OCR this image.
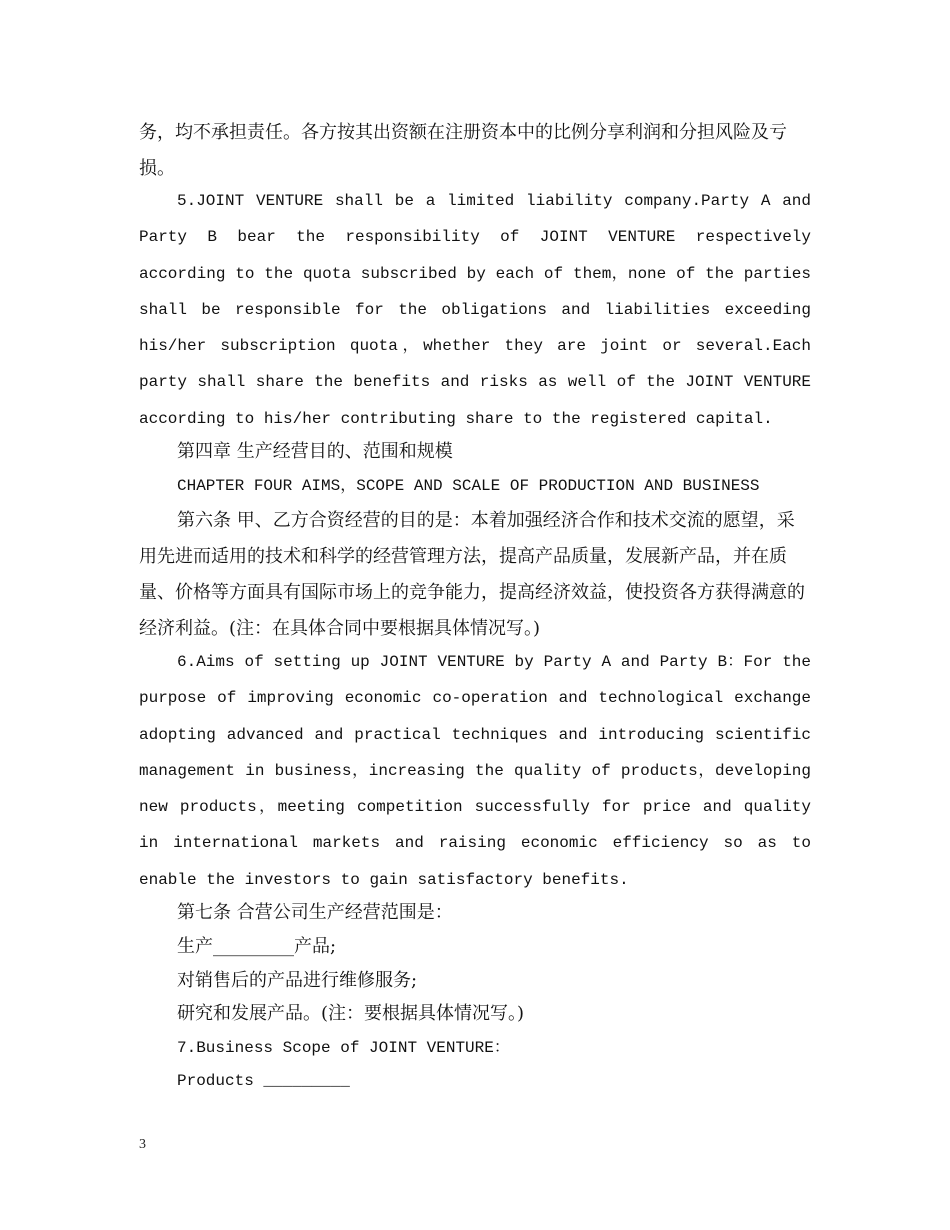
务，均不承担责任。各方按其出资额在注册资本中的比例分享利润和分担风险及亏损。

5.JOINT VENTURE shall be a limited liability company.Party A and Party B bear the responsibility of JOINT VENTURE respectively according to the quota subscribed by each of them，none of the parties shall be responsible for the obligations and liabilities exceeding his/her subscription quota，whether they are joint or several.Each party shall share the benefits and risks as well of the JOINT VENTURE according to his/her contributing share to the registered capital.

第四章 生产经营目的、范围和规模

CHAPTER FOUR AIMS，SCOPE AND SCALE OF PRODUCTION AND BUSINESS

第六条 甲、乙方合资经营的目的是：本着加强经济合作和技术交流的愿望，采用先进而适用的技术和科学的经营管理方法，提高产品质量，发展新产品，并在质量、价格等方面具有国际市场上的竞争能力，提高经济效益，使投资各方获得满意的经济利益。(注：在具体合同中要根据具体情况写。)

6.Aims of setting up JOINT VENTURE by Party A and Party B：For the purpose of improving economic co-operation and technological exchange adopting advanced and practical techniques and introducing scientific management in business，increasing the quality of products，developing new products，meeting competition successfully for price and quality in international markets and raising economic efficiency so as to enable the investors to gain satisfactory benefits.

第七条 合营公司生产经营范围是：

生产_________产品;

对销售后的产品进行维修服务;

研究和发展产品。(注：要根据具体情况写。)

7.Business Scope of JOINT VENTURE：

Products _________

3
